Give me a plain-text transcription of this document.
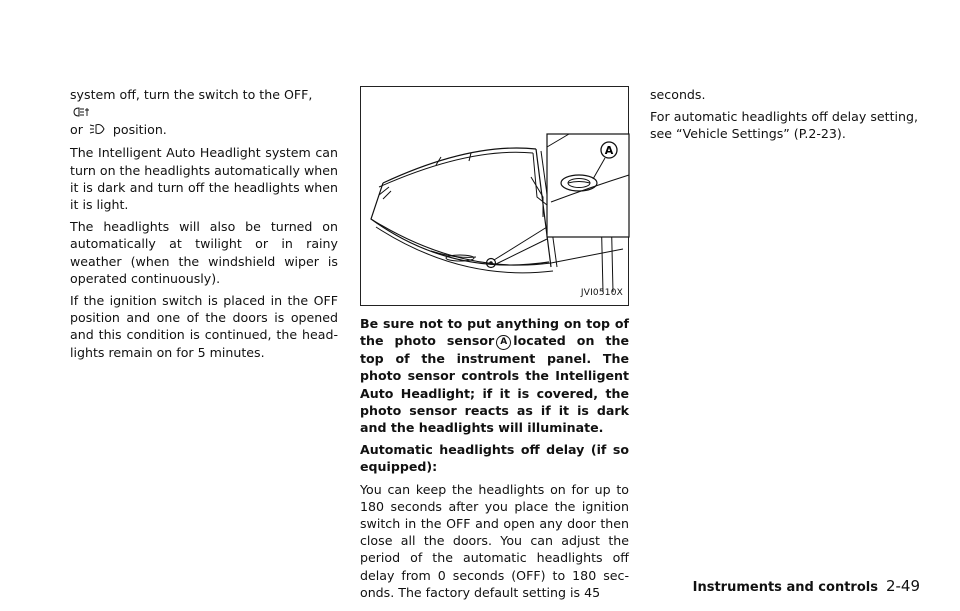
system off, turn the switch to the OFF,
or position.

The Intelligent Auto Headlight system can turn on the headlights automatically when it is dark and turn off the headlights when it is light.

The headlights will also be turned on automatically at twilight or in rainy weather (when the windshield wiper is operated continuously).

If the ignition switch is placed in the OFF position and one of the doors is opened and this condition is continued, the head-lights remain on for 5 minutes.

A
JVI0510X

Be sure not to put anything on top of the photo sensor A located on the top of the instrument panel. The photo sensor controls the Intelligent Auto Headlight; if it is covered, the photo sensor reacts as if it is dark and the headlights will illuminate.

Automatic headlights off delay (if so equipped):

You can keep the headlights on for up to 180 seconds after you place the ignition switch in the OFF and open any door then close all the doors. You can adjust the period of the automatic headlights off delay from 0 seconds (OFF) to 180 sec-onds. The factory default setting is 45

seconds.

For automatic headlights off delay setting, see “Vehicle Settings” (P.2-23).

Instruments and controls 2-49
